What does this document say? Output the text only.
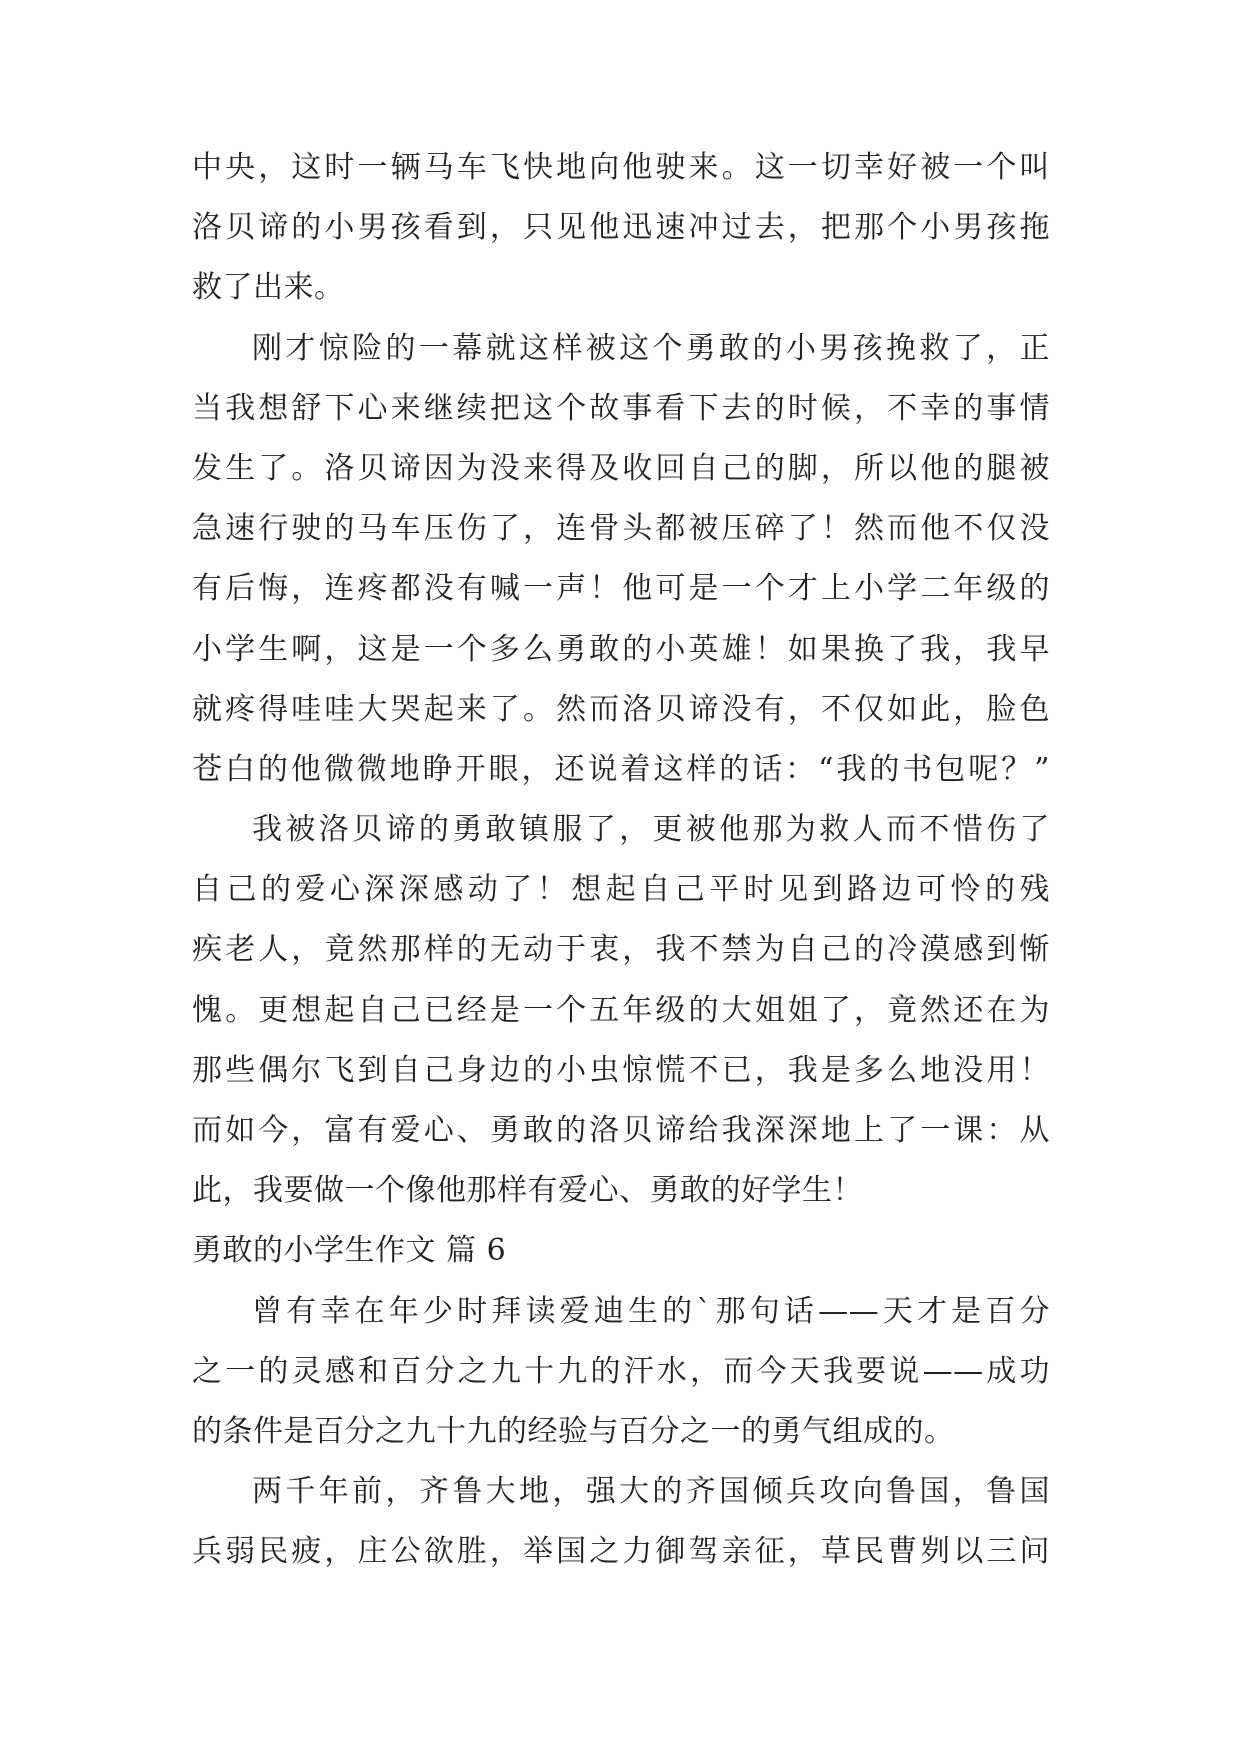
中央，这时一辆马车飞快地向他驶来。这一切幸好被一个叫
洛贝谛的小男孩看到，只见他迅速冲过去，把那个小男孩拖
救了出来。
刚才惊险的一幕就这样被这个勇敢的小男孩挽救了，正
当我想舒下心来继续把这个故事看下去的时候，不幸的事情
发生了。洛贝谛因为没来得及收回自己的脚，所以他的腿被
急速行驶的马车压伤了，连骨头都被压碎了！然而他不仅没
有后悔，连疼都没有喊一声！他可是一个才上小学二年级的
小学生啊，这是一个多么勇敢的小英雄！如果换了我，我早
就疼得哇哇大哭起来了。然而洛贝谛没有，不仅如此，脸色
苍白的他微微地睁开眼，还说着这样的话：“我的书包呢？”
我被洛贝谛的勇敢镇服了，更被他那为救人而不惜伤了
自己的爱心深深感动了！想起自己平时见到路边可怜的残
疾老人，竟然那样的无动于衷，我不禁为自己的冷漠感到惭
愧。更想起自己已经是一个五年级的大姐姐了，竟然还在为
那些偶尔飞到自己身边的小虫惊慌不已，我是多么地没用！
而如今，富有爱心、勇敢的洛贝谛给我深深地上了一课：从
此，我要做一个像他那样有爱心、勇敢的好学生！
勇敢的小学生作文 篇 6
曾有幸在年少时拜读爱迪生的`那句话——天才是百分
之一的灵感和百分之九十九的汗水，而今天我要说——成功
的条件是百分之九十九的经验与百分之一的勇气组成的。
两千年前，齐鲁大地，强大的齐国倾兵攻向鲁国，鲁国
兵弱民疲，庄公欲胜，举国之力御驾亲征，草民曹刿以三问
